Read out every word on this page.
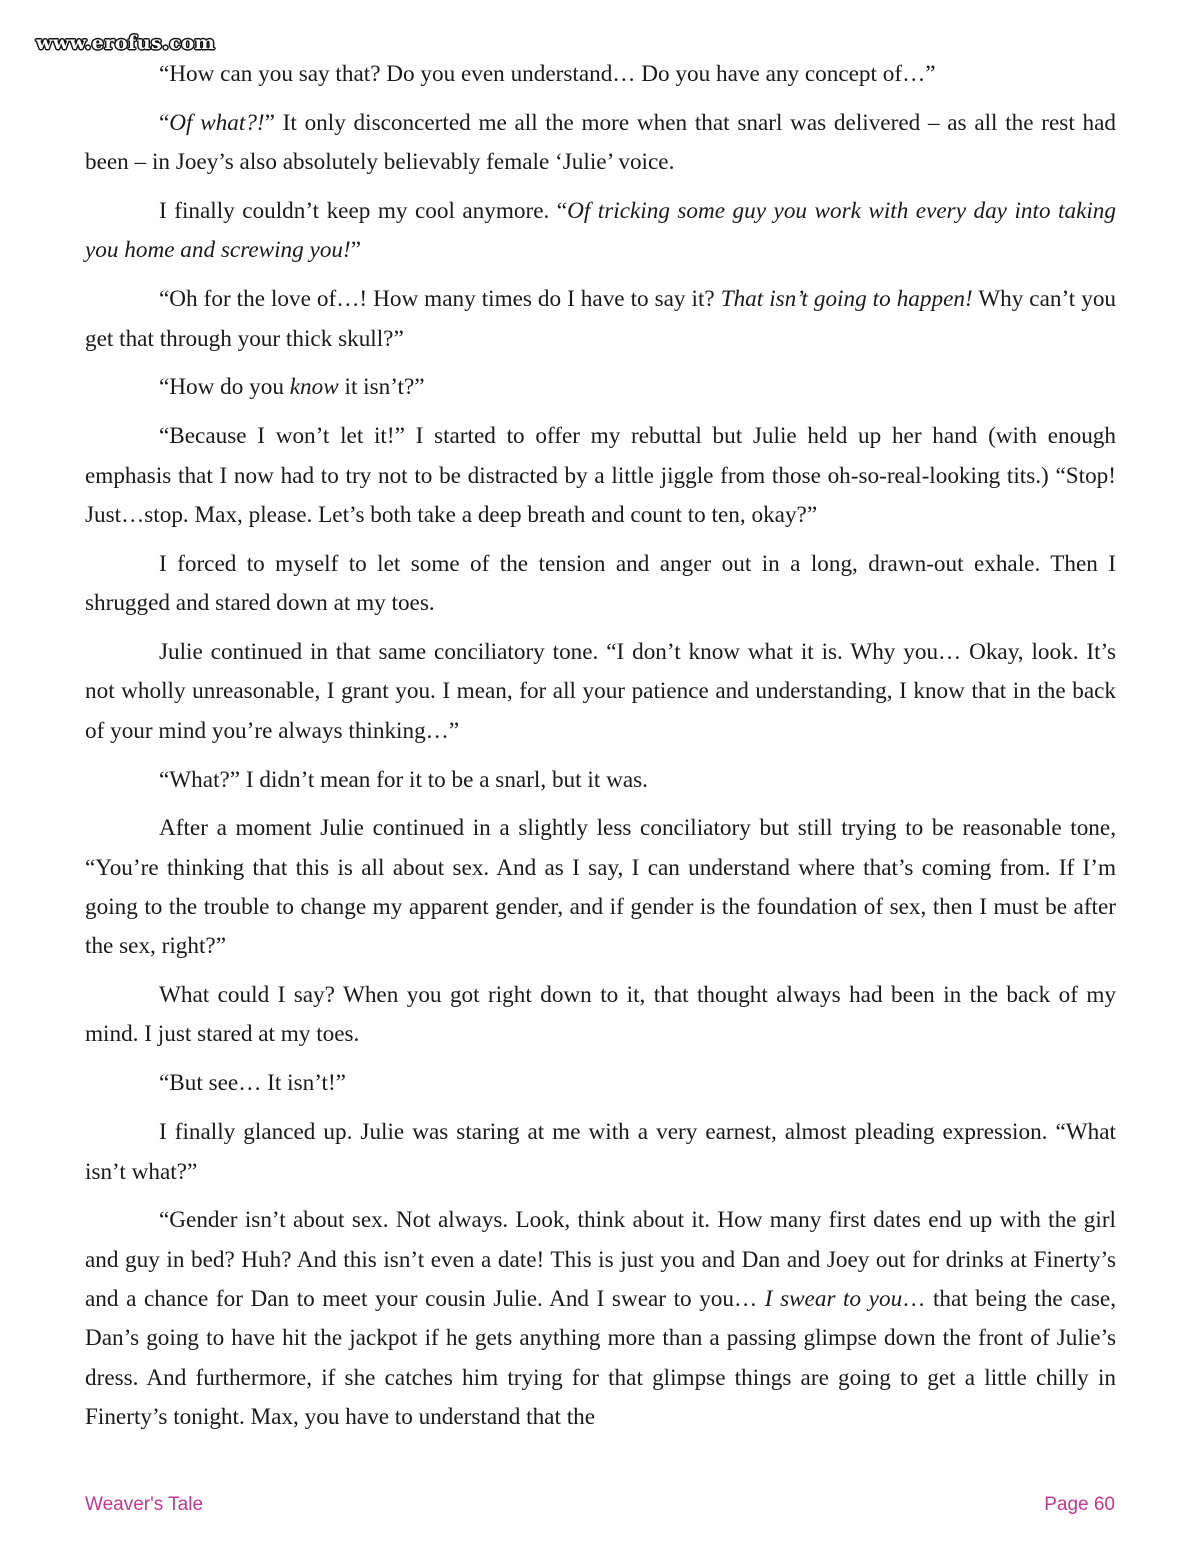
www.erofus.com

“How can you say that? Do you even understand… Do you have any concept of…”

“Of what?!” It only disconcerted me all the more when that snarl was delivered – as all the rest had been – in Joey’s also absolutely believably female ‘Julie’ voice.

I finally couldn’t keep my cool anymore. “Of tricking some guy you work with every day into taking you home and screwing you!”

“Oh for the love of…! How many times do I have to say it? That isn’t going to happen! Why can’t you get that through your thick skull?”

“How do you know it isn’t?”

“Because I won’t let it!” I started to offer my rebuttal but Julie held up her hand (with enough emphasis that I now had to try not to be distracted by a little jiggle from those oh-so-real-looking tits.) “Stop! Just…stop. Max, please. Let’s both take a deep breath and count to ten, okay?”

I forced to myself to let some of the tension and anger out in a long, drawn-out exhale. Then I shrugged and stared down at my toes.

Julie continued in that same conciliatory tone. “I don’t know what it is. Why you… Okay, look. It’s not wholly unreasonable, I grant you. I mean, for all your patience and understanding, I know that in the back of your mind you’re always thinking…”

“What?” I didn’t mean for it to be a snarl, but it was.

After a moment Julie continued in a slightly less conciliatory but still trying to be reasonable tone, “You’re thinking that this is all about sex. And as I say, I can understand where that’s coming from. If I’m going to the trouble to change my apparent gender, and if gender is the foundation of sex, then I must be after the sex, right?”

What could I say? When you got right down to it, that thought always had been in the back of my mind. I just stared at my toes.

“But see… It isn’t!”

I finally glanced up. Julie was staring at me with a very earnest, almost pleading expression. “What isn’t what?”

“Gender isn’t about sex. Not always. Look, think about it. How many first dates end up with the girl and guy in bed? Huh? And this isn’t even a date! This is just you and Dan and Joey out for drinks at Finerty’s and a chance for Dan to meet your cousin Julie. And I swear to you… I swear to you… that being the case, Dan’s going to have hit the jackpot if he gets anything more than a passing glimpse down the front of Julie’s dress. And furthermore, if she catches him trying for that glimpse things are going to get a little chilly in Finerty’s tonight. Max, you have to understand that the

Weaver's Tale	Page 60
